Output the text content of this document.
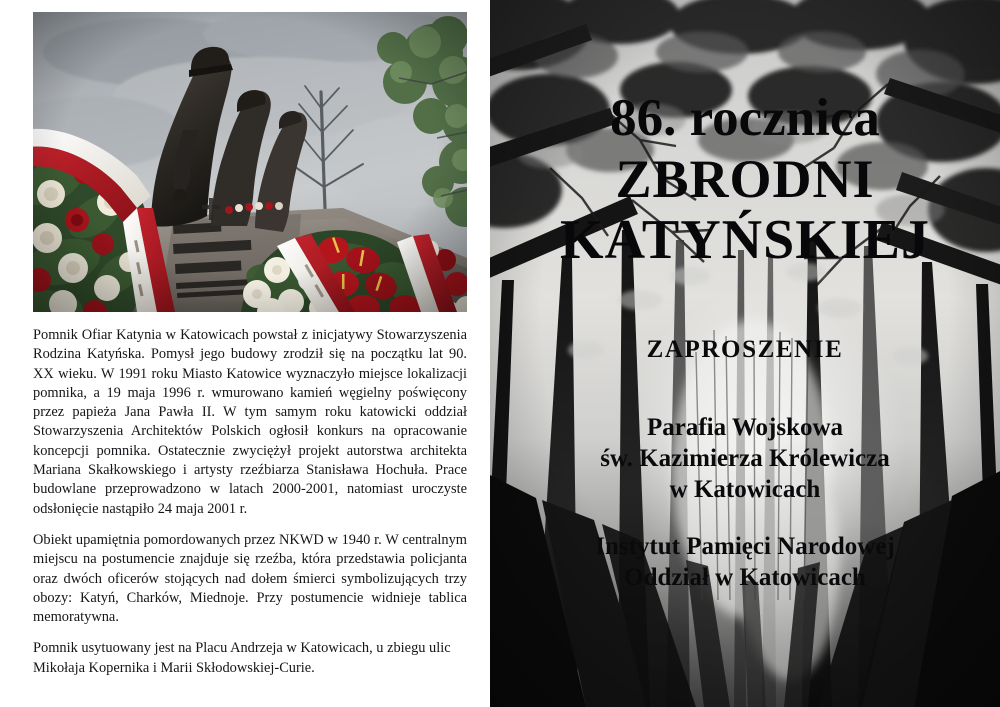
Pomnik Ofiar Katynia w Katowicach powstał z inicjatywy Stowarzyszenia Rodzina Katyńska. Pomysł jego budowy zrodził się na początku lat 90. XX wieku. W 1991 roku Miasto Katowice wyznaczyło miejsce lokalizacji pomnika, a 19 maja 1996 r. wmurowano kamień węgielny poświęcony przez papieża Jana Pawła II. W tym samym roku katowicki oddział Stowarzyszenia Architektów Polskich ogłosił konkurs na opracowanie koncepcji pomnika. Ostatecznie zwyciężył projekt autorstwa architekta Mariana Skałkowskiego i artysty rzeźbiarza Stanisława Hochuła. Prace budowlane przeprowadzono w latach 2000-2001, natomiast uroczyste odsłonięcie nastąpiło 24 maja 2001 r.

Obiekt upamiętnia pomordowanych przez NKWD w 1940 r. W centralnym miejscu na postumencie znajduje się rzeźba, która przedstawia policjanta oraz dwóch oficerów stojących nad dołem śmierci symbolizujących trzy obozy: Katyń, Charków, Miednoje. Przy postumencie widnieje tablica memoratywna.

Pomnik usytuowany jest na Placu Andrzeja w Katowicach, u zbiegu ulic Mikołaja Kopernika i Marii Skłodowskiej-Curie.

86. rocznica
ZBRODNI
KATYŃSKIEJ
ZAPROSZENIE
Parafia Wojskowa
św. Kazimierza Królewicza
w Katowicach
Instytut Pamięci Narodowej
Oddział w Katowicach
